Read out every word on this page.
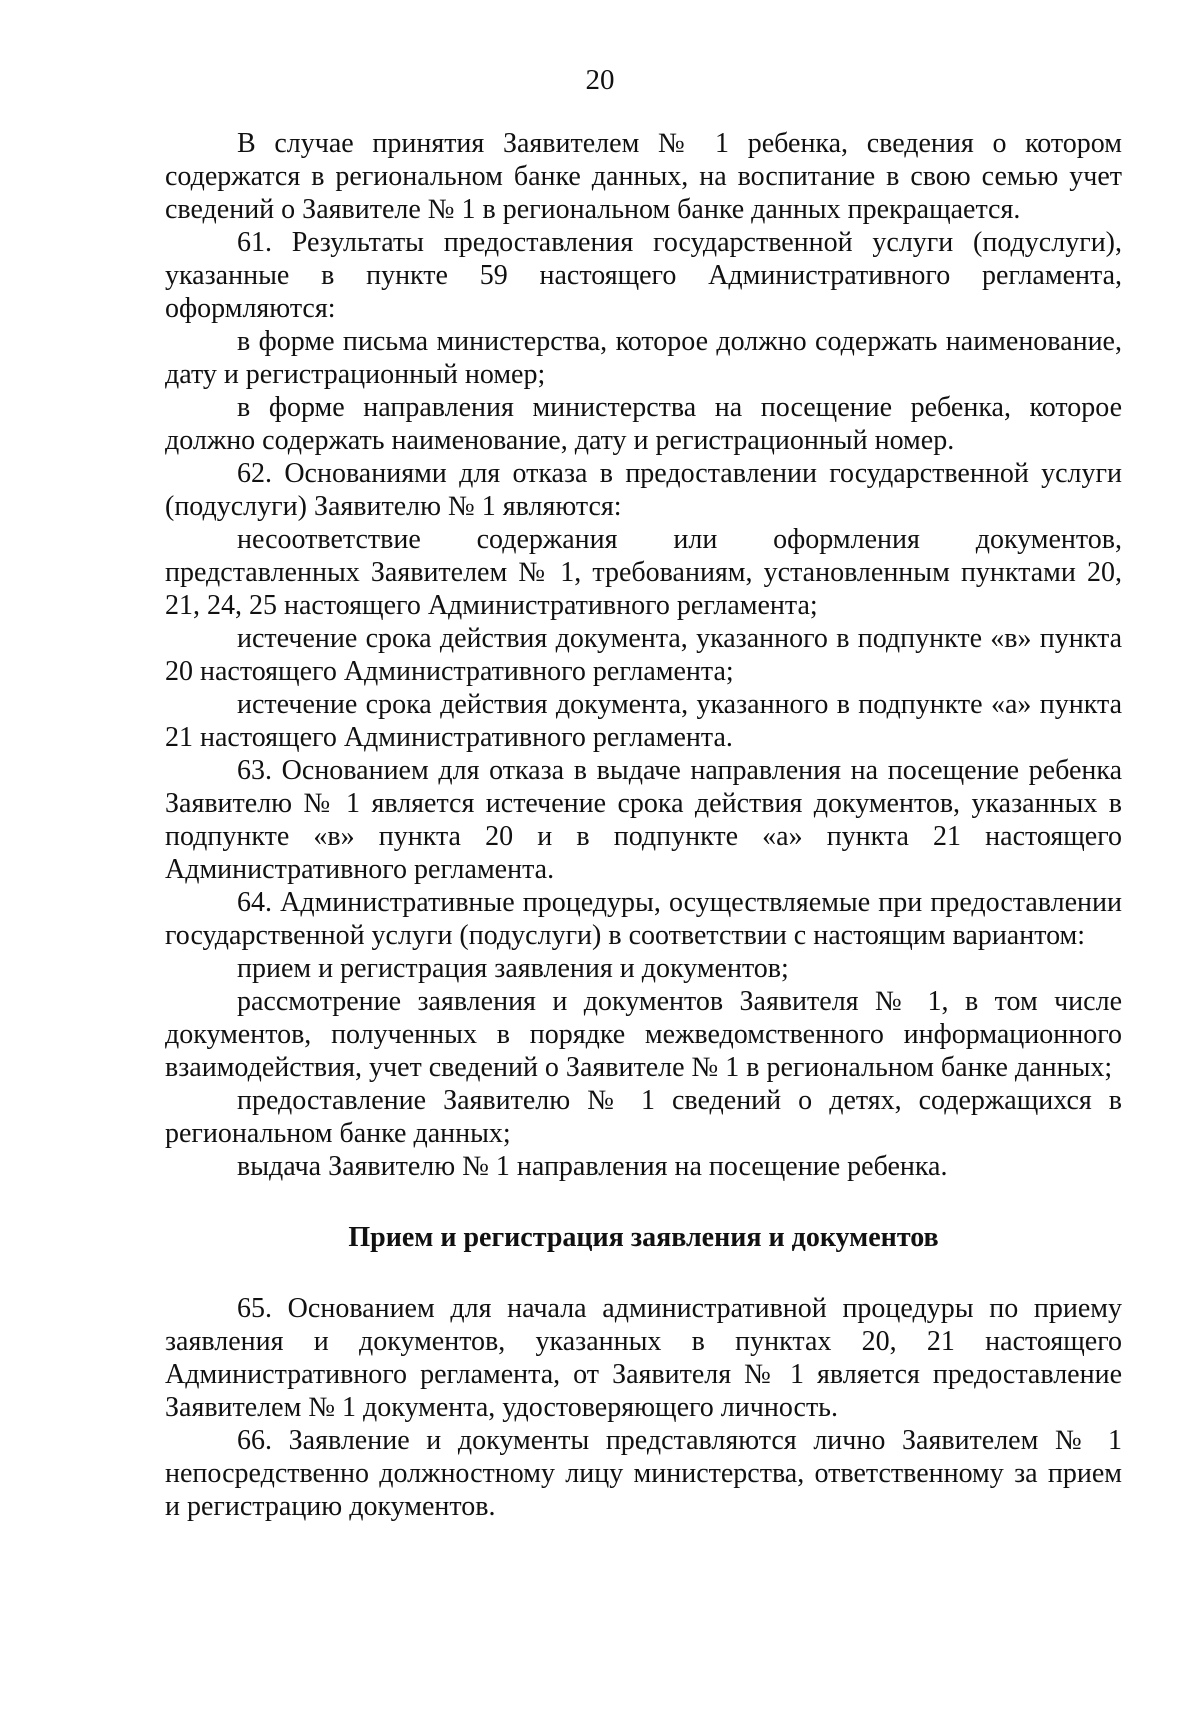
20

В случае принятия Заявителем № 1 ребенка, сведения о котором содержатся в региональном банке данных, на воспитание в свою семью учет сведений о Заявителе № 1 в региональном банке данных прекращается.

61. Результаты предоставления государственной услуги (подуслуги), указанные в пункте 59 настоящего Административного регламента, оформляются:

в форме письма министерства, которое должно содержать наименование, дату и регистрационный номер;

в форме направления министерства на посещение ребенка, которое должно содержать наименование, дату и регистрационный номер.

62. Основаниями для отказа в предоставлении государственной услуги (подуслуги) Заявителю № 1 являются:

несоответствие содержания или оформления документов, представленных Заявителем № 1, требованиям, установленным пунктами 20, 21, 24, 25 настоящего Административного регламента;

истечение срока действия документа, указанного в подпункте «в» пункта 20 настоящего Административного регламента;

истечение срока действия документа, указанного в подпункте «а» пункта 21 настоящего Административного регламента.

63. Основанием для отказа в выдаче направления на посещение ребенка Заявителю № 1 является истечение срока действия документов, указанных в подпункте «в» пункта 20 и в подпункте «а» пункта 21 настоящего Административного регламента.

64. Административные процедуры, осуществляемые при предоставлении государственной услуги (подуслуги) в соответствии с настоящим вариантом:

прием и регистрация заявления и документов;

рассмотрение заявления и документов Заявителя № 1, в том числе документов, полученных в порядке межведомственного информационного взаимодействия, учет сведений о Заявителе № 1 в региональном банке данных;

предоставление Заявителю № 1 сведений о детях, содержащихся в региональном банке данных;

выдача Заявителю № 1 направления на посещение ребенка.

Прием и регистрация заявления и документов

65. Основанием для начала административной процедуры по приему заявления и документов, указанных в пунктах 20, 21 настоящего Административного регламента, от Заявителя № 1 является предоставление Заявителем № 1 документа, удостоверяющего личность.

66. Заявление и документы представляются лично Заявителем № 1 непосредственно должностному лицу министерства, ответственному за прием и регистрацию документов.
